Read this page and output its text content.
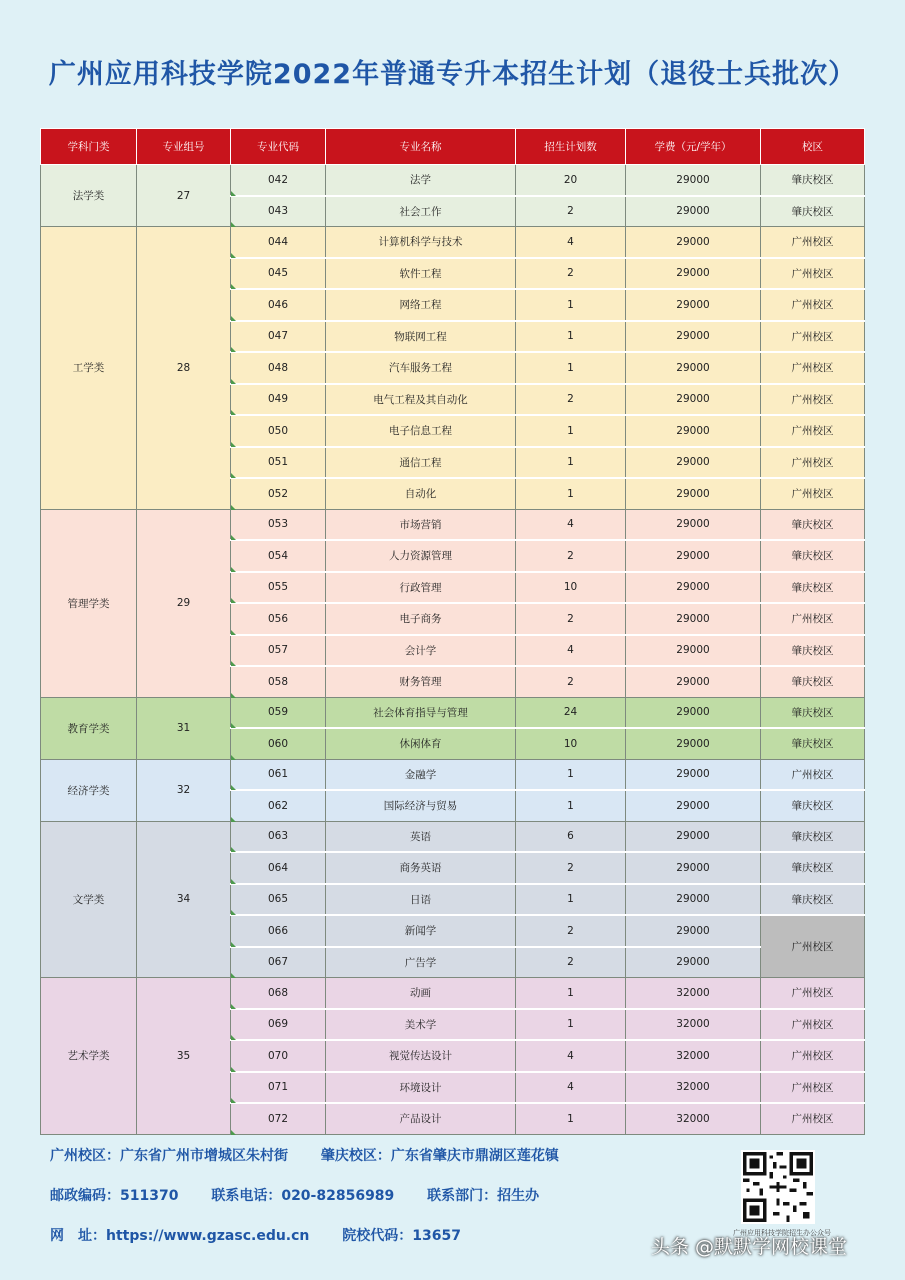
广州应用科技学院2022年普通专升本招生计划（退役士兵批次）
学科门类	专业组号	专业代码	专业名称	招生计划数	学费（元/学年）	校区
法学类	27	042	法学	20	29000	肇庆校区
		043	社会工作	2	29000	肇庆校区
工学类	28	044	计算机科学与技术	4	29000	广州校区
		045	软件工程	2	29000	广州校区
		046	网络工程	1	29000	广州校区
		047	物联网工程	1	29000	广州校区
		048	汽车服务工程	1	29000	广州校区
		049	电气工程及其自动化	2	29000	广州校区
		050	电子信息工程	1	29000	广州校区
		051	通信工程	1	29000	广州校区
		052	自动化	1	29000	广州校区
管理学类	29	053	市场营销	4	29000	肇庆校区
		054	人力资源管理	2	29000	肇庆校区
		055	行政管理	10	29000	肇庆校区
		056	电子商务	2	29000	广州校区
		057	会计学	4	29000	肇庆校区
		058	财务管理	2	29000	肇庆校区
教育学类	31	059	社会体育指导与管理	24	29000	肇庆校区
		060	休闲体育	10	29000	肇庆校区
经济学类	32	061	金融学	1	29000	广州校区
		062	国际经济与贸易	1	29000	肇庆校区
文学类	34	063	英语	6	29000	肇庆校区
		064	商务英语	2	29000	肇庆校区
		065	日语	1	29000	肇庆校区
		066	新闻学	2	29000	广州校区
		067	广告学	2	29000	
艺术学类	35	068	动画	1	32000	广州校区
		069	美术学	1	32000	广州校区
		070	视觉传达设计	4	32000	广州校区
		071	环境设计	4	32000	广州校区
		072	产品设计	1	32000	广州校区
广州校区：广东省广州市增城区朱村街 肇庆校区：广东省肇庆市鼎湖区莲花镇
邮政编码：511370 联系电话：020-82856989 联系部门：招生办
网　址：https://www.gzasc.edu.cn 院校代码：13657	广州应用科技学院招生办公众号
头条 @默默学网校课堂
